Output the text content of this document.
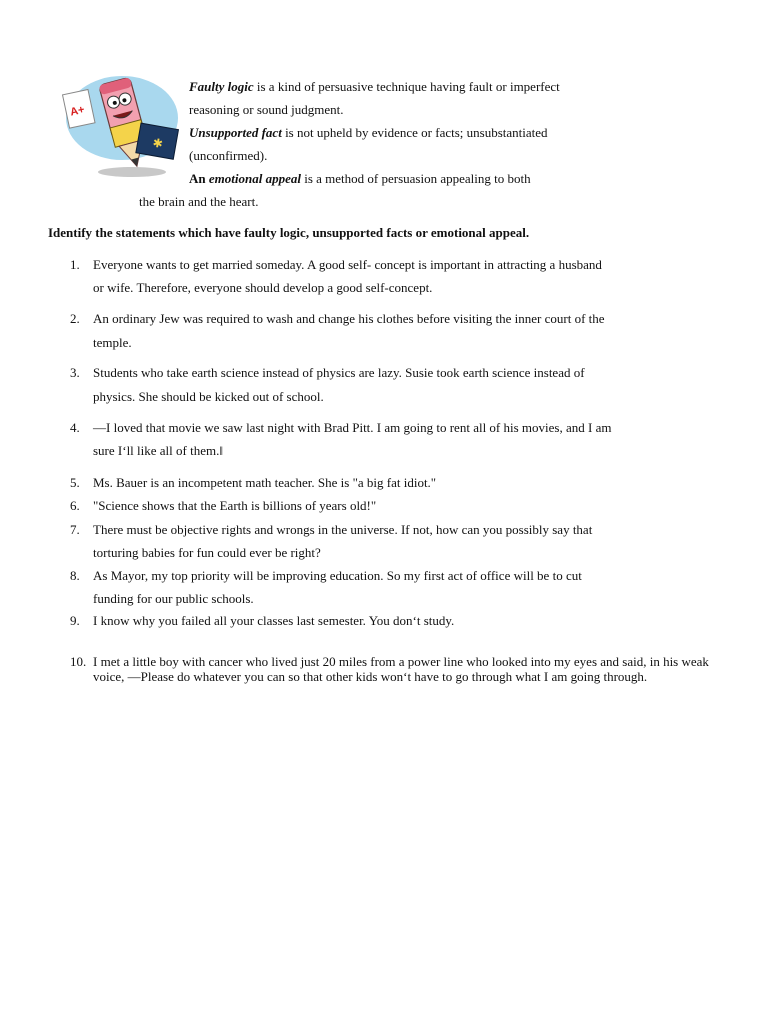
A+
✱
Faulty logic is a kind of persuasive technique having fault or imperfect
reasoning or sound judgment.
Unsupported fact is not upheld by evidence or facts; unsubstantiated
(unconfirmed).
An emotional appeal is a method of persuasion appealing to both
the brain and the heart.
Identify the statements which have faulty logic, unsupported facts or emotional appeal.
1. Everyone wants to get married someday. A good self- concept is important in attracting a husband
or wife. Therefore, everyone should develop a good self-concept.
2. An ordinary Jew was required to wash and change his clothes before visiting the inner court of the
temple.
3. Students who take earth science instead of physics are lazy. Susie took earth science instead of
physics. She should be kicked out of school.
4. —I loved that movie we saw last night with Brad Pitt. I am going to rent all of his movies, and I am
sure I‘ll like all of them.‖
5. Ms. Bauer is an incompetent math teacher. She is "a big fat idiot."
6. "Science shows that the Earth is billions of years old!"
7. There must be objective rights and wrongs in the universe. If not, how can you possibly say that
torturing babies for fun could ever be right?
8. As Mayor, my top priority will be improving education. So my first act of office will be to cut
funding for our public schools.
9. I know why you failed all your classes last semester. You don‘t study.
10. I met a little boy with cancer who lived just 20 miles from a power line who looked into my eyes and said, in his weak voice, —Please do whatever you can so that other kids won‘t have to go through what I am going through.
